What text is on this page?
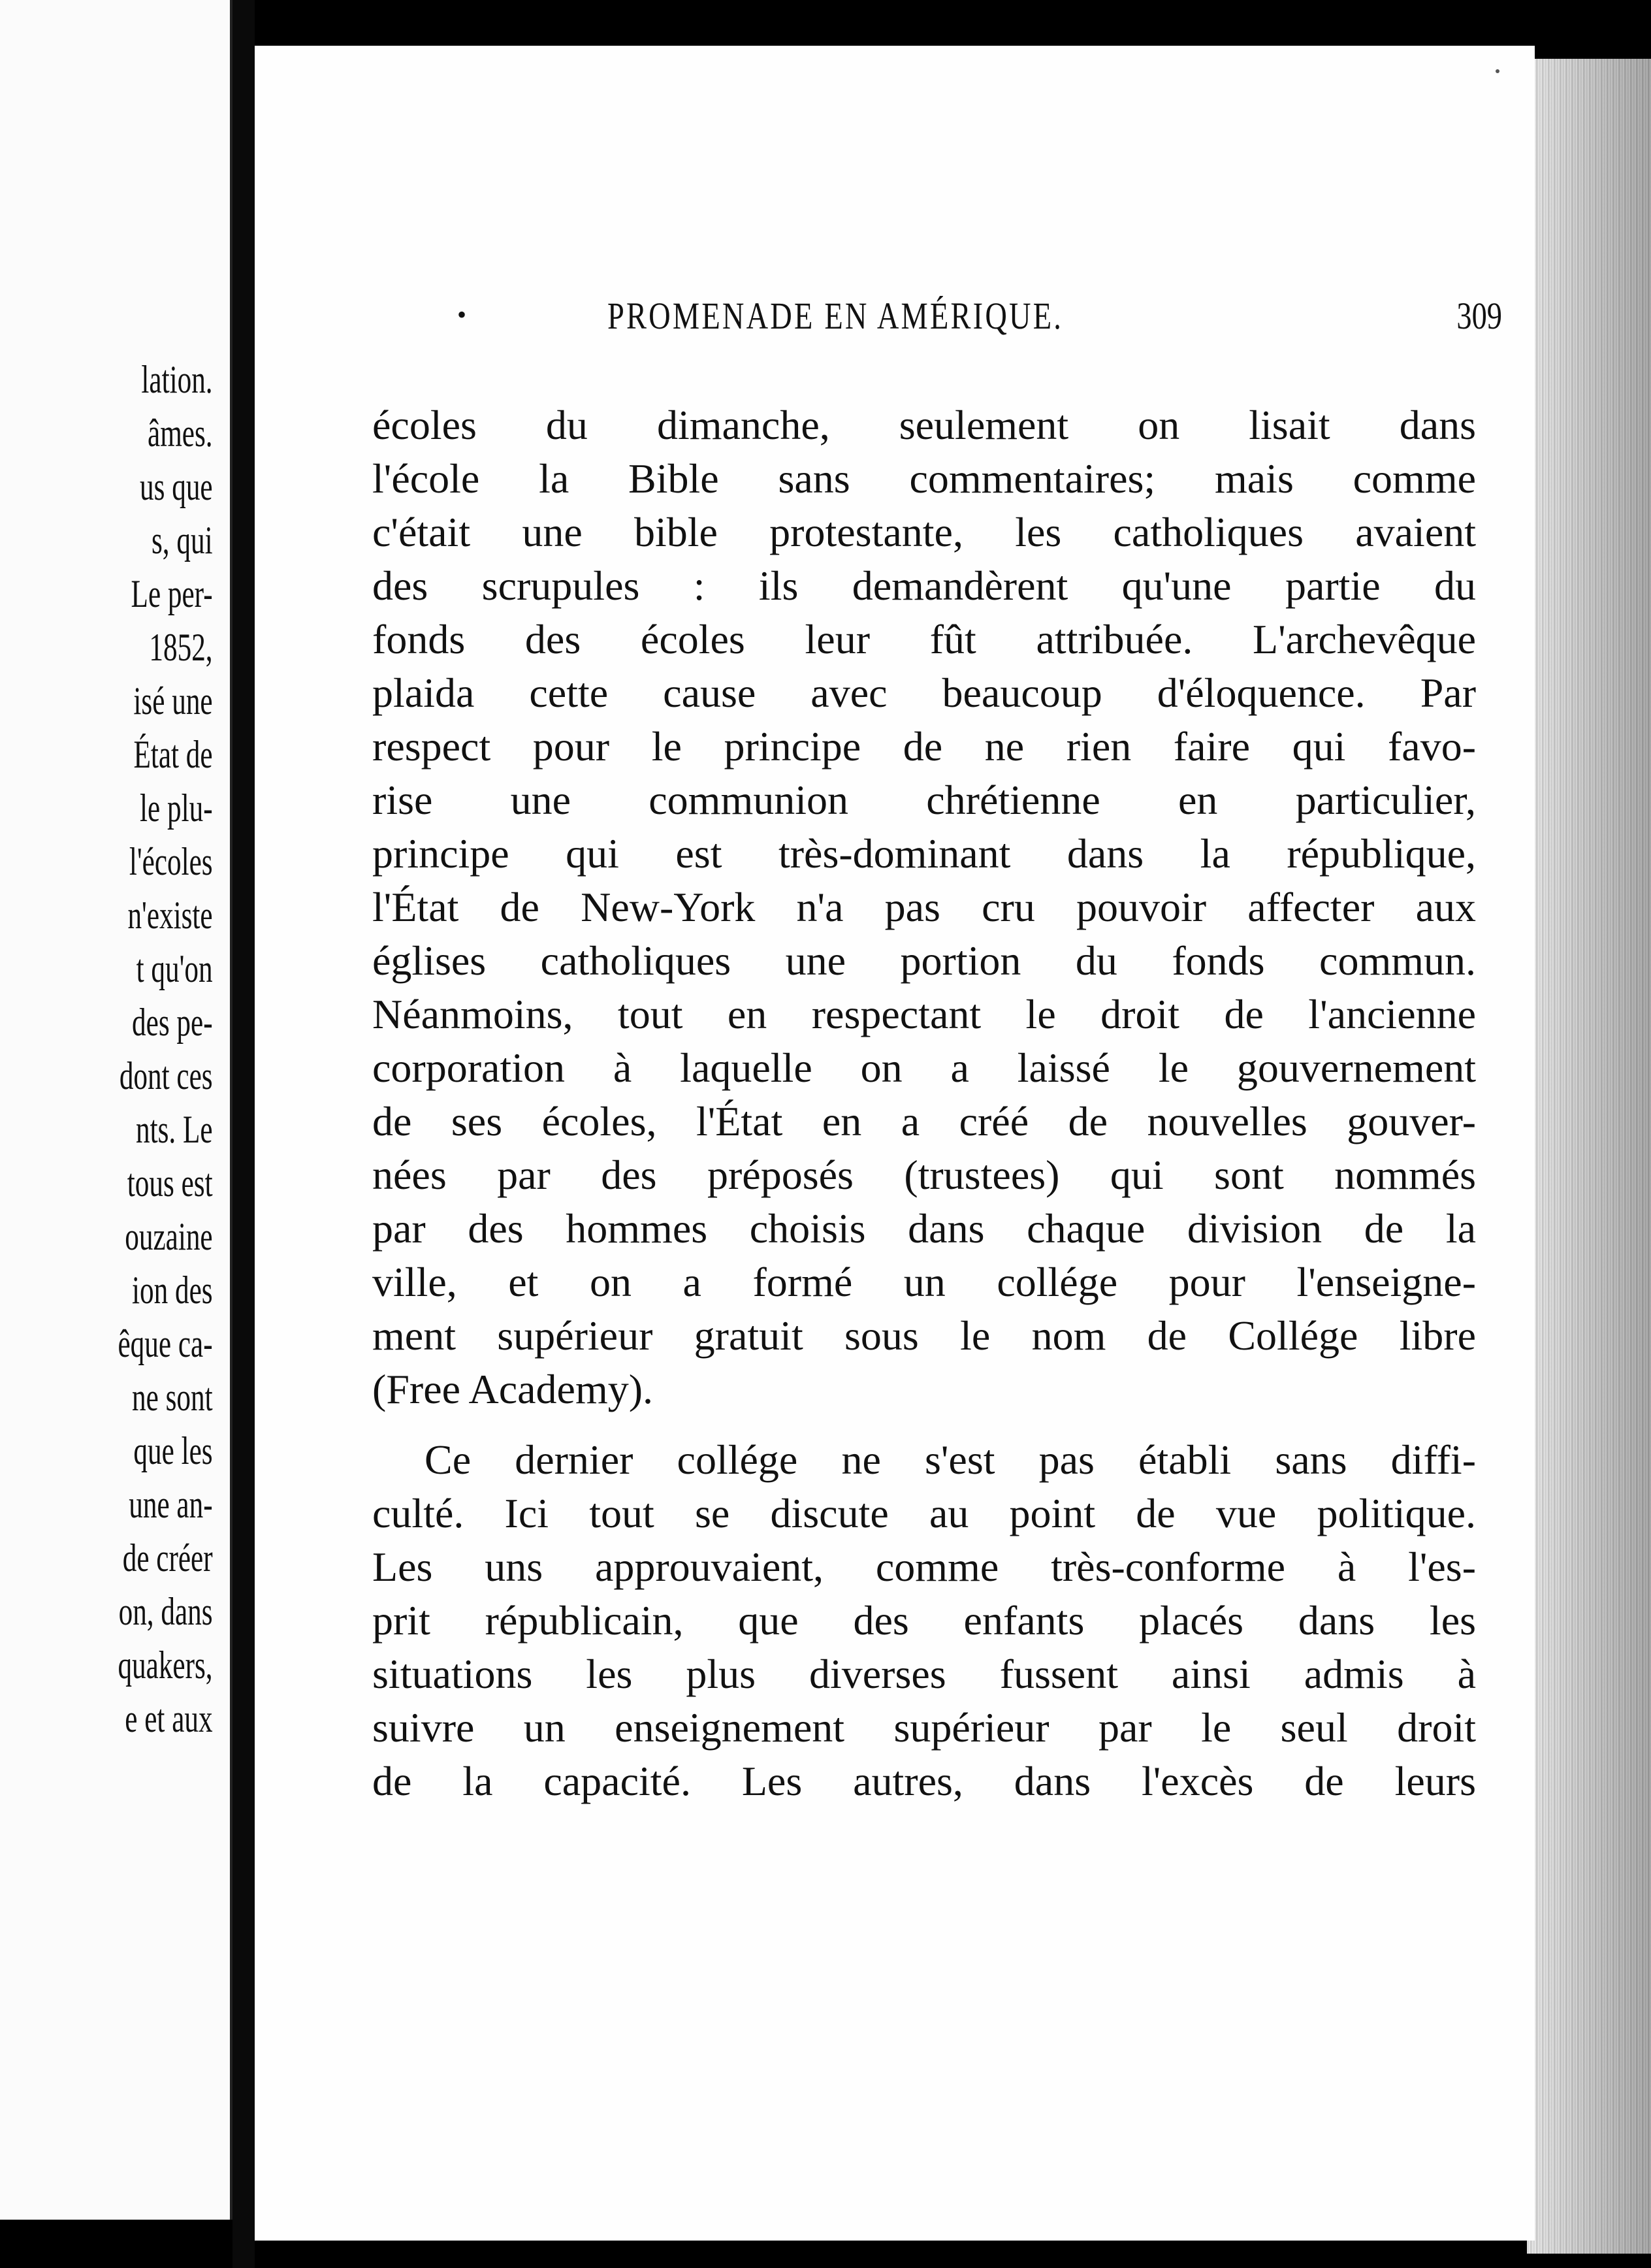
lation.
âmes.
us que
s, qui
Le per-
1852,
isé une
État de
le plu-
l'écoles
n'existe
t qu'on
des pe-
dont ces
nts. Le
tous est
ouzaine
ion des
êque ca-
ne sont
que les
une an-
de créer
on, dans
quakers,
e et aux
•	PROMENADE EN AMÉRIQUE.	309
écoles du dimanche, seulement on lisait dans
l'école la Bible sans commentaires; mais comme
c'était une bible protestante, les catholiques avaient
des scrupules : ils demandèrent qu'une partie du
fonds des écoles leur fût attribuée. L'archevêque
plaida cette cause avec beaucoup d'éloquence. Par
respect pour le principe de ne rien faire qui favo-
rise une communion chrétienne en particulier,
principe qui est très-dominant dans la république,
l'État de New-York n'a pas cru pouvoir affecter aux
églises catholiques une portion du fonds commun.
Néanmoins, tout en respectant le droit de l'ancienne
corporation à laquelle on a laissé le gouvernement
de ses écoles, l'État en a créé de nouvelles gouver-
nées par des préposés (trustees) qui sont nommés
par des hommes choisis dans chaque division de la
ville, et on a formé un collége pour l'enseigne-
ment supérieur gratuit sous le nom de Collége libre
(Free Academy).
Ce dernier collége ne s'est pas établi sans diffi-
culté. Ici tout se discute au point de vue politique.
Les uns approuvaient, comme très-conforme à l'es-
prit républicain, que des enfants placés dans les
situations les plus diverses fussent ainsi admis à
suivre un enseignement supérieur par le seul droit
de la capacité. Les autres, dans l'excès de leurs
